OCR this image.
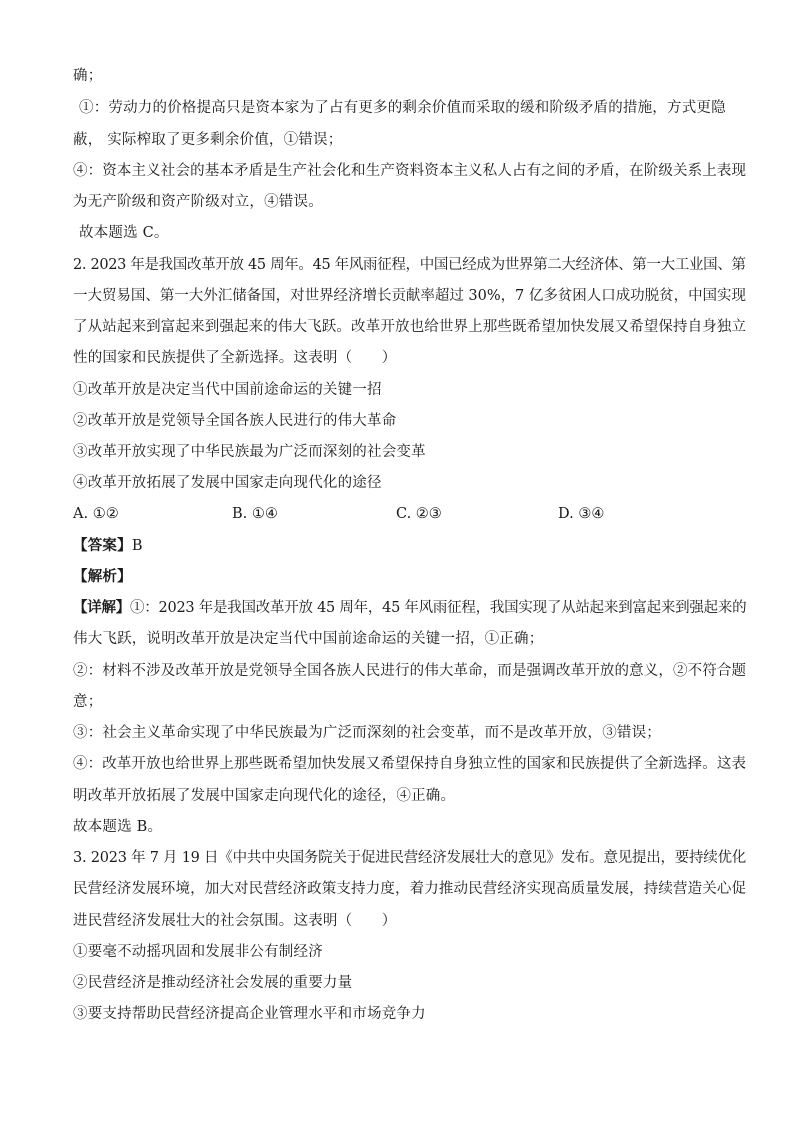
确；
①：劳动力的价格提高只是资本家为了占有更多的剩余价值而采取的缓和阶级矛盾的措施，方式更隐
蔽， 实际榨取了更多剩余价值，①错误；
④：资本主义社会的基本矛盾是生产社会化和生产资料资本主义私人占有之间的矛盾，在阶级关系上表现
为无产阶级和资产阶级对立，④错误。
故本题选 C。
2. 2023 年是我国改革开放 45 周年。45 年风雨征程，中国已经成为世界第二大经济体、第一大工业国、第
一大贸易国、第一大外汇储备国，对世界经济增长贡献率超过 30%，7 亿多贫困人口成功脱贫，中国实现
了从站起来到富起来到强起来的伟大飞跃。改革开放也给世界上那些既希望加快发展又希望保持自身独立
性的国家和民族提供了全新选择。这表明（　　）
①改革开放是决定当代中国前途命运的关键一招
②改革开放是党领导全国各族人民进行的伟大革命
③改革开放实现了中华民族最为广泛而深刻的社会变革
④改革开放拓展了发展中国家走向现代化的途径
A. ①②	B. ①④	C. ②③	D. ③④
【答案】B
【解析】
【详解】①：2023 年是我国改革开放 45 周年，45 年风雨征程，我国实现了从站起来到富起来到强起来的
伟大飞跃，说明改革开放是决定当代中国前途命运的关键一招，①正确；
②：材料不涉及改革开放是党领导全国各族人民进行的伟大革命，而是强调改革开放的意义，②不符合题
意；
③：社会主义革命实现了中华民族最为广泛而深刻的社会变革，而不是改革开放，③错误；
④：改革开放也给世界上那些既希望加快发展又希望保持自身独立性的国家和民族提供了全新选择。这表
明改革开放拓展了发展中国家走向现代化的途径，④正确。
故本题选 B。
3. 2023 年 7 月 19 日《中共中央国务院关于促进民营经济发展壮大的意见》发布。意见提出，要持续优化
民营经济发展环境，加大对民营经济政策支持力度，着力推动民营经济实现高质量发展，持续营造关心促
进民营经济发展壮大的社会氛围。这表明（　　）
①要毫不动摇巩固和发展非公有制经济
②民营经济是推动经济社会发展的重要力量
③要支持帮助民营经济提高企业管理水平和市场竞争力
